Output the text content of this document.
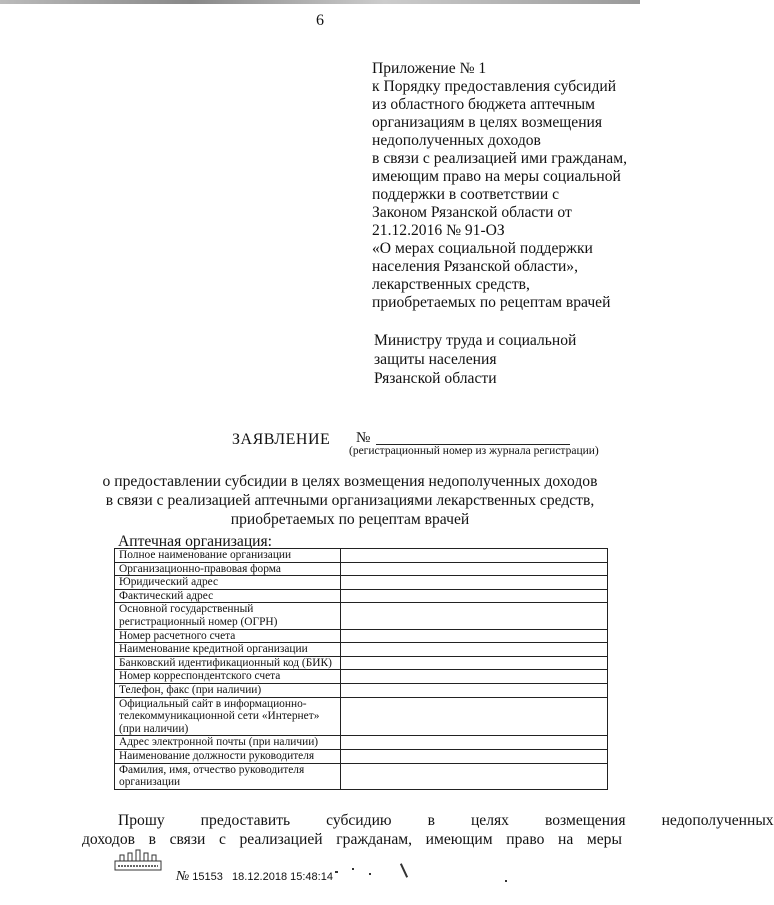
6
Приложение № 1
к Порядку предоставления субсидий
из областного бюджета аптечным
организациям в целях возмещения
недополученных доходов
в связи с реализацией ими гражданам,
имеющим право на меры социальной
поддержки в соответствии с
Законом Рязанской области от
21.12.2016 № 91-ОЗ
«О мерах социальной поддержки
населения Рязанской области»,
лекарственных средств,
приобретаемых по рецептам врачей
Министру труда и социальной
защиты населения
Рязанской области
ЗАЯВЛЕНИЕ №
(регистрационный номер из журнала регистрации)
о предоставлении субсидии в целях возмещения недополученных доходов
в связи с реализацией аптечными организациями лекарственных средств,
приобретаемых по рецептам врачей
Аптечная организация:
Полное наименование организации	
Организационно-правовая форма	
Юридический адрес	
Фактический адрес	
Основной государственный регистрационный номер (ОГРН)	
Номер расчетного счета	
Наименование кредитной организации	
Банковский идентификационный код (БИК)	
Номер корреспондентского счета	
Телефон, факс (при наличии)	
Официальный сайт в информационно-телекоммуникационной сети «Интернет» (при наличии)	
Адрес электронной почты (при наличии)	
Наименование должности руководителя	
Фамилия, имя, отчество руководителя организации	
Прошу	предоставить	субсидию	в	целях	возмещения	недополученных
доходов в связи с реализацией гражданам, имеющим право на меры
№ 15153 18.12.2018 15:48:14
